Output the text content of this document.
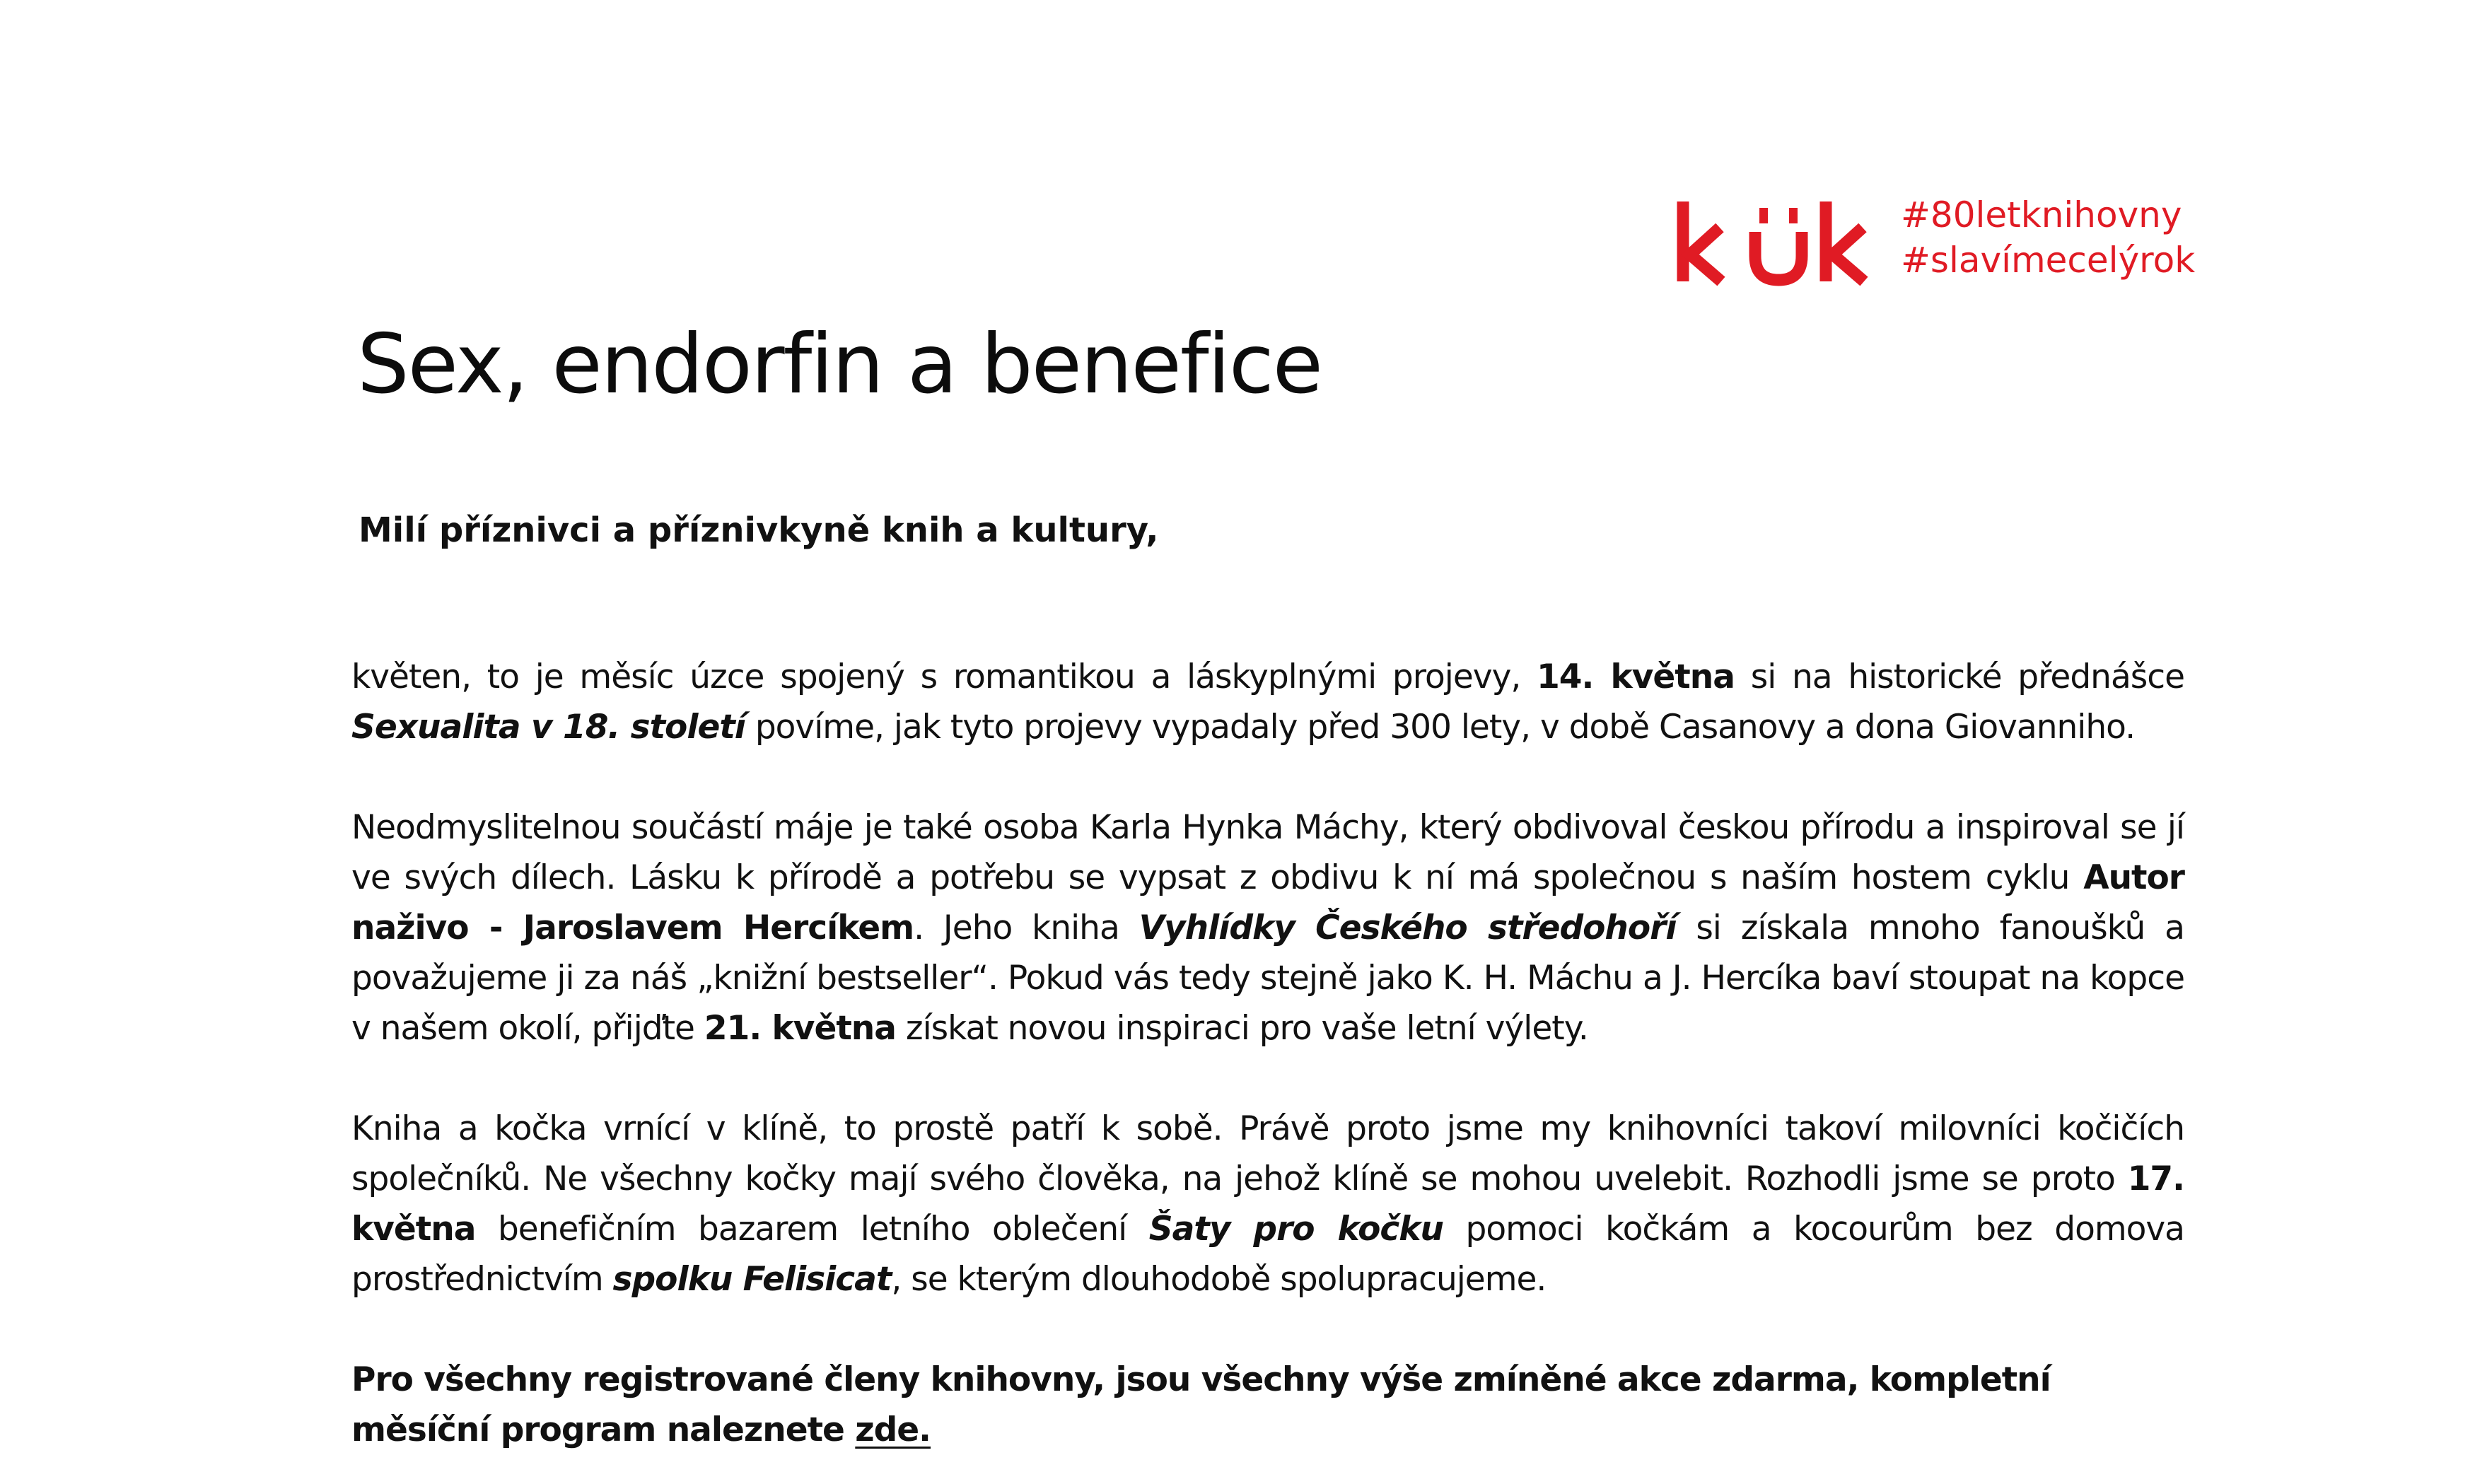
#80letknihovny
#slavímecelýrok
Sex, endorfin a benefice

Milí příznivci a příznivkyně knih a kultury,

květen, to je měsíc úzce spojený s romantikou a láskyplnými projevy, 14. května si na historické přednášce Sexualita v 18. století povíme, jak tyto projevy vypadaly před 300 lety, v době Casanovy a dona Giovanniho.

Neodmyslitelnou součástí máje je také osoba Karla Hynka Máchy, který obdivoval českou přírodu a inspiroval se jí ve svých dílech. Lásku k přírodě a potřebu se vypsat z obdivu k ní má společnou s naším hostem cyklu Autor naživo - Jaroslavem Hercíkem. Jeho kniha Vyhlídky Českého středohoří si získala mnoho fanoušků a považujeme ji za náš „knižní bestseller“. Pokud vás tedy stejně jako K. H. Máchu a J. Hercíka baví stoupat na kopce v našem okolí, přijďte 21. května získat novou inspiraci pro vaše letní výlety.

Kniha a kočka vrnící v klíně, to prostě patří k sobě. Právě proto jsme my knihovníci takoví milovníci kočičích společníků. Ne všechny kočky mají svého člověka, na jehož klíně se mohou uvelebit. Rozhodli jsme se proto 17. května benefičním bazarem letního oblečení Šaty pro kočku pomoci kočkám a kocourům bez domova prostřednictvím spolku Felisicat, se kterým dlouhodobě spolupracujeme.

Pro všechny registrované členy knihovny, jsou všechny výše zmíněné akce zdarma, kompletní měsíční program naleznete zde.
